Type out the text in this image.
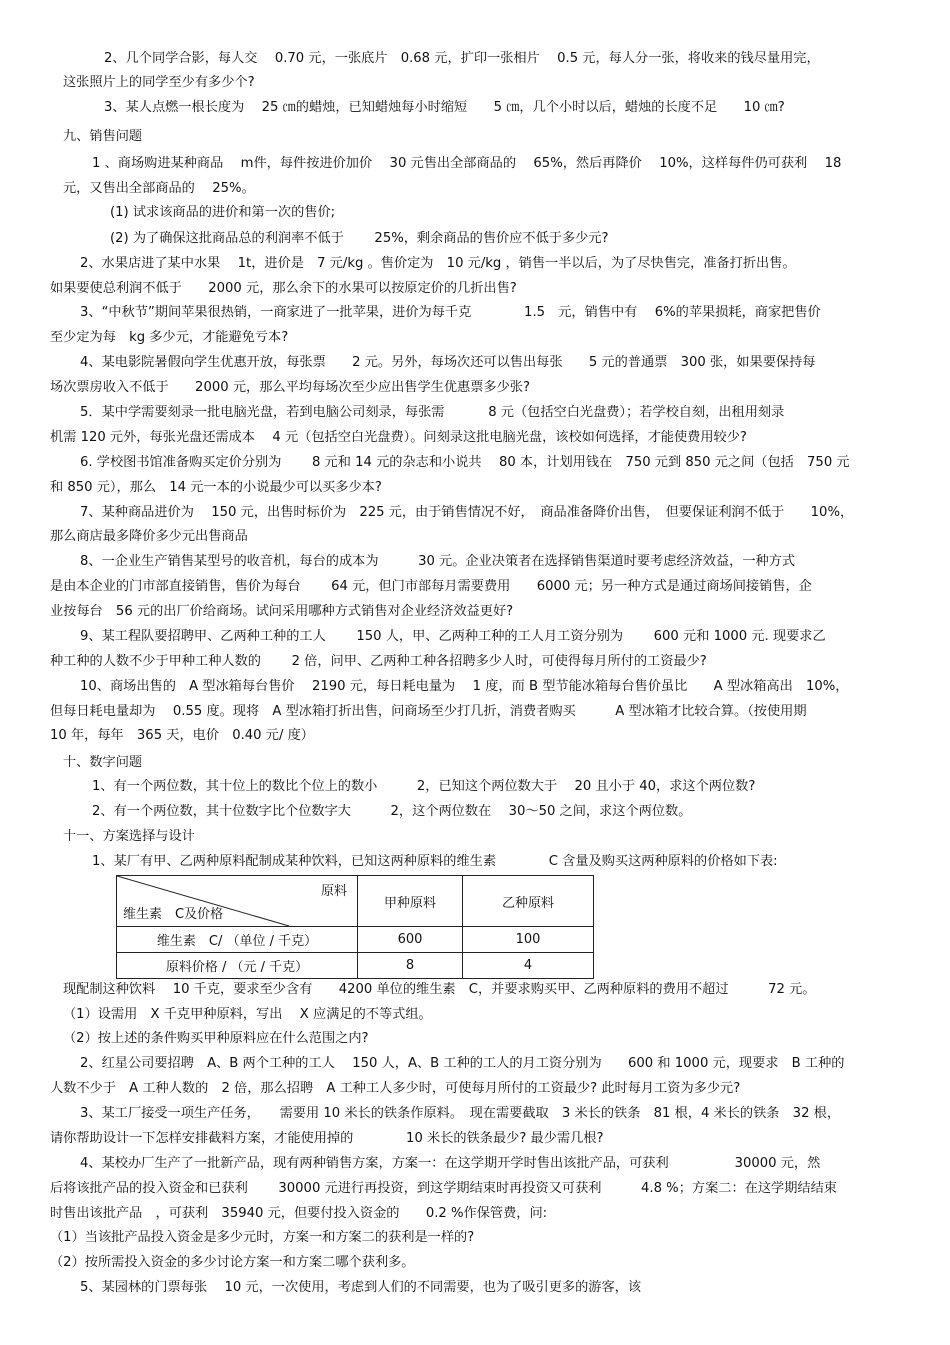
2、几个同学合影，每人交　 0.70 元，一张底片　0.68 元，扩印一张相片　 0.5 元，每人分一张，将收来的钱尽量用完，
这张照片上的同学至少有多少个?
3、某人点燃一根长度为　 25 ㎝的蜡烛，已知蜡烛每小时缩短　　5 ㎝，几个小时以后，蜡烛的长度不足　　10 ㎝?
九、销售问题
1 、商场购进某种商品　 m件，每件按进价加价　 30 元售出全部商品的　 65%，然后再降价　 10%，这样每件仍可获利　 18
元，又售出全部商品的　 25%。
(1) 试求该商品的进价和第一次的售价;
(2) 为了确保这批商品总的利润率不低于　　 25%，剩余商品的售价应不低于多少元?
2、水果店进了某中水果　 1t，进价是　7 元/kg 。售价定为　10 元/kg ，销售一半以后，为了尽快售完，准备打折出售。
如果要使总利润不低于　　2000 元，那么余下的水果可以按原定价的几折出售?
3、“中秋节”期间苹果很热销，一商家进了一批苹果，进价为每千克　　　　1.5　元，销售中有　 6%的苹果损耗，商家把售价
至少定为每　kg 多少元，才能避免亏本?
4、某电影院暑假向学生优惠开放，每张票　　2 元。另外，每场次还可以售出每张　　5 元的普通票　300 张，如果要保持每
场次票房收入不低于　　2000 元，那么平均每场次至少应出售学生优惠票多少张?
5．某中学需要刻录一批电脑光盘，若到电脑公司刻录，每张需　　　 8 元（包括空白光盘费）；若学校自刻，出租用刻录
机需 120 元外，每张光盘还需成本　 4 元（包括空白光盘费）。问刻录这批电脑光盘，该校如何选择，才能使费用较少?
6. 学校图书馆准备购买定价分别为　　 8 元和 14 元的杂志和小说共　 80 本，计划用钱在　750 元到 850 元之间（包括　750 元
和 850 元），那么　14 元一本的小说最少可以买多少本?
7、某种商品进价为　 150 元，出售时标价为　225 元，由于销售情况不好，　商品准备降价出售，　但要保证利润不低于　　10%，
那么商店最多降价多少元出售商品
8、一企业生产销售某型号的收音机，每台的成本为　　　30 元。企业决策者在选择销售渠道时要考虑经济效益，一种方式
是由本企业的门市部直接销售，售价为每台　　 64 元，但门市部每月需要费用　　6000 元；另一种方式是通过商场间接销售，企
业按每台　56 元的出厂价给商场。试问采用哪种方式销售对企业经济效益更好?
9、某工程队要招聘甲、乙两种工种的工人　　 150 人，甲、乙两种工种的工人月工资分别为　　 600 元和 1000 元. 现要求乙
种工种的人数不少于甲种工种人数的　　 2 倍，问甲、乙两种工种各招聘多少人时，可使得每月所付的工资最少?
10、商场出售的　A 型冰箱每台售价　 2190 元，每日耗电量为　 1 度，而 B 型节能冰箱每台售价虽比　　A 型冰箱高出　10%，
但每日耗电量却为　 0.55 度。现将　A 型冰箱打折出售，问商场至少打几折，消费者购买　　　A 型冰箱才比较合算。（按使用期
10 年，每年　365 天，电价　0.40 元/ 度）
十、数字问题
1、有一个两位数，其十位上的数比个位上的数小　　　2，已知这个两位数大于　 20 且小于 40，求这个两位数?
2、有一个两位数，其十位数字比个位数字大　　　2，这个两位数在　 30～50 之间，求这个两位数。
十一、方案选择与设计
1、某厂有甲、乙两种原料配制成某种饮料，已知这两种原料的维生素　　　　C 含量及购买这两种原料的价格如下表:
原料
维生素　C及价格	甲种原料	乙种原料
维生素　C/ （单位 / 千克）	600	100
原料价格 / （元 / 千克）	8	4
现配制这种饮料　 10 千克，要求至少含有　　4200 单位的维生素　C，并要求购买甲、乙两种原料的费用不超过　　　72 元。
（1）设需用　X 千克甲种原料，写出　 X 应满足的不等式组。
（2）按上述的条件购买甲种原料应在什么范围之内?
2、红星公司要招聘　A、B 两个工种的工人　 150 人，A、B 工种的工人的月工资分别为　　600 和 1000 元，现要求　B 工种的
人数不少于　A 工种人数的　2 倍，那么招聘　A 工种工人多少时，可使每月所付的工资最少? 此时每月工资为多少元?
3、某工厂接受一项生产任务，　　需要用 10 米长的铁条作原料。　现在需要截取　3 米长的铁条　81 根，4 米长的铁条　32 根，
请你帮助设计一下怎样安排截料方案，才能使用掉的　　　　10 米长的铁条最少? 最少需几根?
4、某校办厂生产了一批新产品，现有两种销售方案，方案一：在这学期开学时售出该批产品，可获利　　　　　30000 元，然
后将该批产品的投入资金和已获利　　 30000 元进行再投资，到这学期结束时再投资又可获利　　　4.8 %；方案二：在这学期结结束
时售出该批产品　，可获利　35940 元，但要付投入资金的　　0.2 %作保管费，问:
（1）当该批产品投入资金是多少元时，方案一和方案二的获利是一样的?
（2）按所需投入资金的多少讨论方案一和方案二哪个获利多。
5、某园林的门票每张　 10 元，一次使用，考虑到人们的不同需要，也为了吸引更多的游客，该
